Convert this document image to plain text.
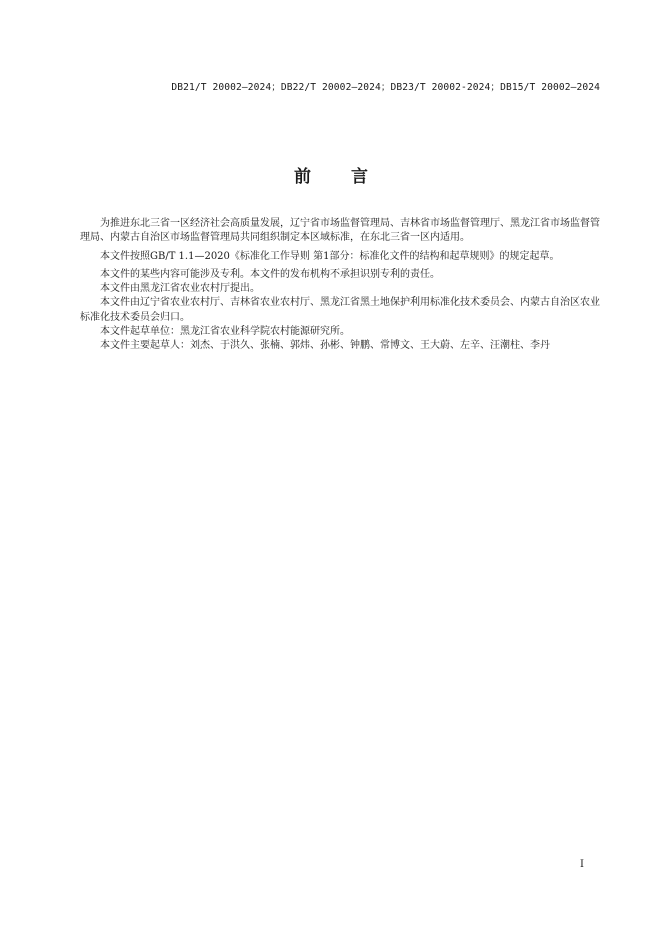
DB21/T 20002—2024；DB22/T 20002—2024；DB23/T 20002-2024；DB15/T 20002—2024
前言

为推进东北三省一区经济社会高质量发展，辽宁省市场监督管理局、吉林省市场监督管理厅、黑龙江省市场监督管理局、内蒙古自治区市场监督管理局共同组织制定本区域标准，在东北三省一区内适用。

本文件按照GB/T 1.1—2020《标准化工作导则 第1部分：标准化文件的结构和起草规则》的规定起草。

本文件的某些内容可能涉及专利。本文件的发布机构不承担识别专利的责任。

本文件由黑龙江省农业农村厅提出。

本文件由辽宁省农业农村厅、吉林省农业农村厅、黑龙江省黑土地保护利用标准化技术委员会、内蒙古自治区农业标准化技术委员会归口。

本文件起草单位：黑龙江省农业科学院农村能源研究所。

本文件主要起草人：刘杰、于洪久、张楠、郭炜、孙彬、钟鹏、常博文、王大蔚、左辛、汪潮柱、李丹

I
